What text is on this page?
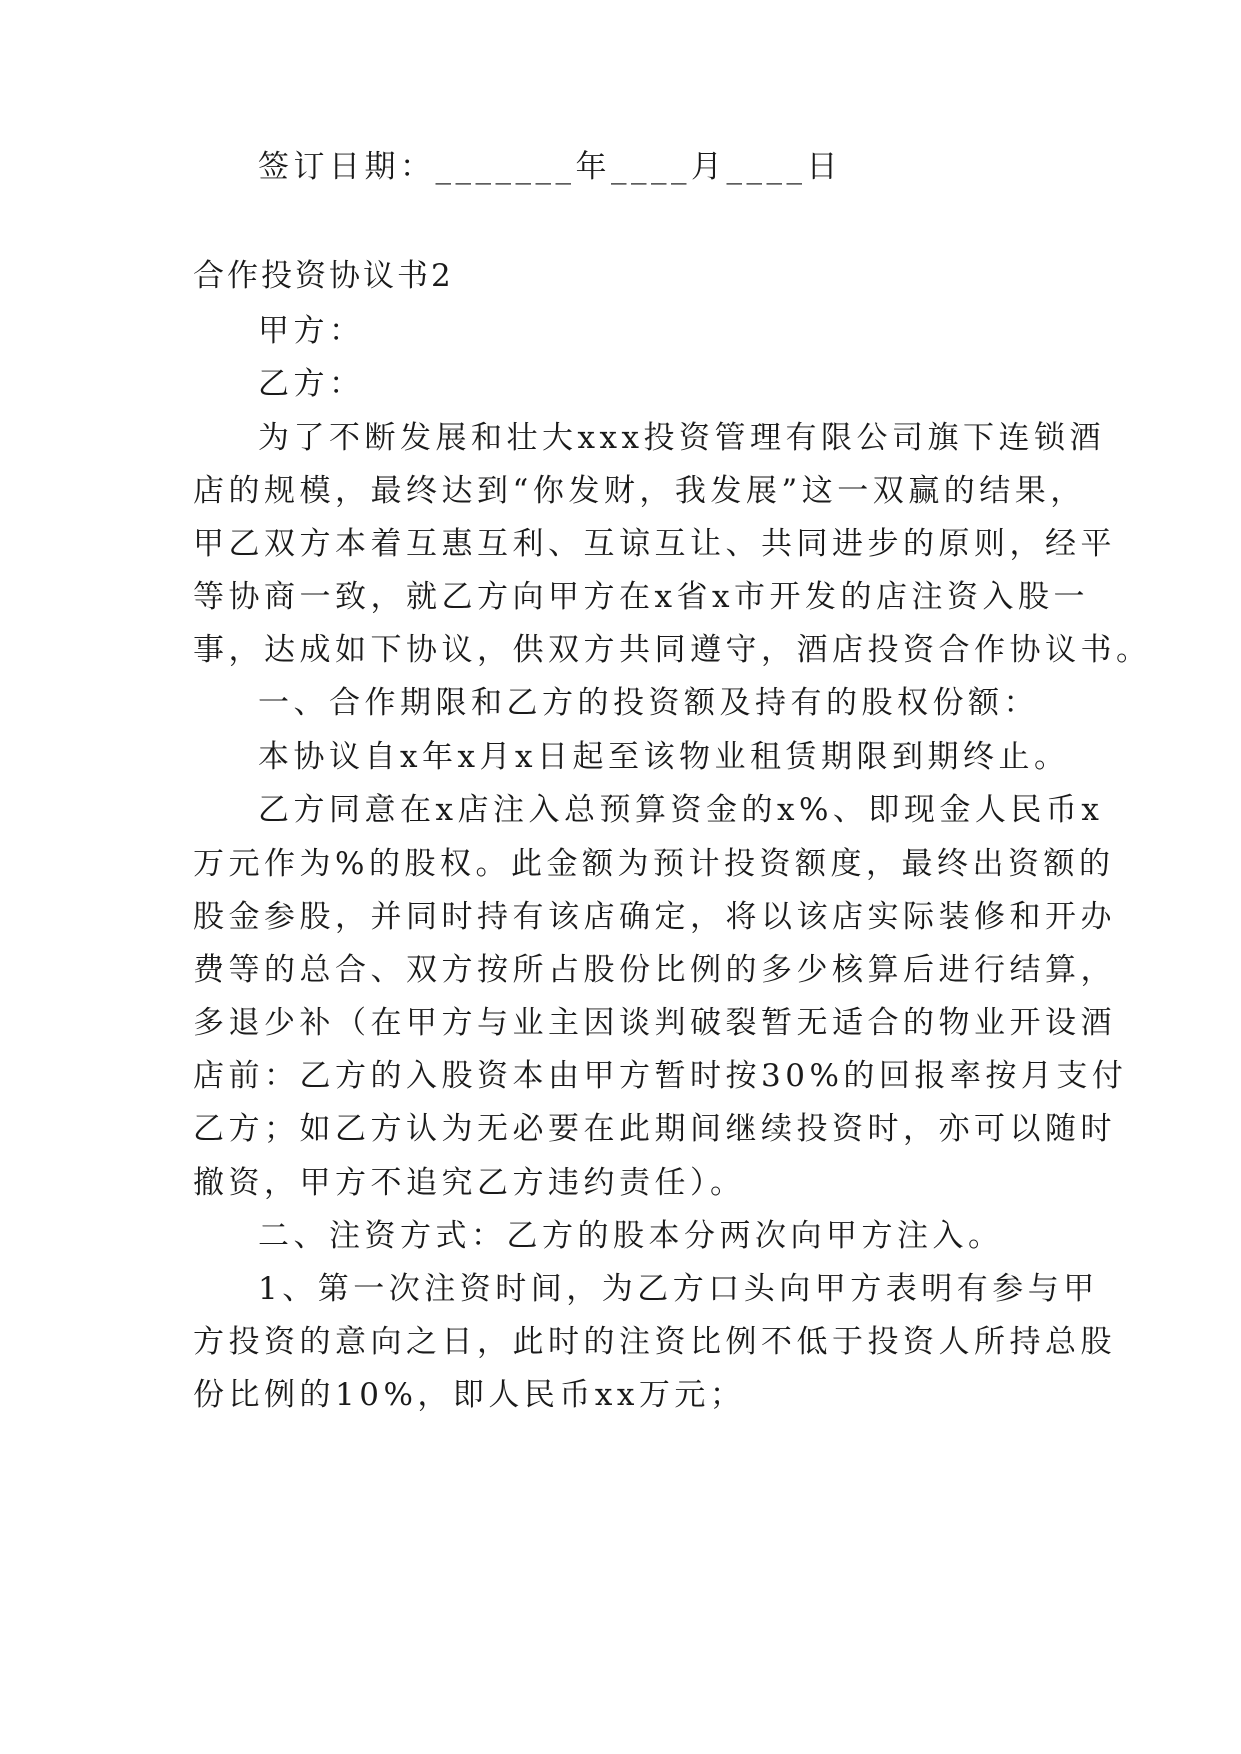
签订日期：_______年____月____日
合作投资协议书2
甲方：
乙方：
为了不断发展和壮大xxx投资管理有限公司旗下连锁酒
店的规模，最终达到“你发财，我发展”这一双赢的结果，
甲乙双方本着互惠互利、互谅互让、共同进步的原则，经平
等协商一致，就乙方向甲方在x省x市开发的店注资入股一
事，达成如下协议，供双方共同遵守，酒店投资合作协议书。
一、合作期限和乙方的投资额及持有的股权份额：
本协议自x年x月x日起至该物业租赁期限到期终止。
乙方同意在x店注入总预算资金的x%、即现金人民币x
万元作为%的股权。此金额为预计投资额度，最终出资额的
股金参股，并同时持有该店确定，将以该店实际装修和开办
费等的总合、双方按所占股份比例的多少核算后进行结算，
多退少补（在甲方与业主因谈判破裂暂无适合的物业开设酒
店前：乙方的入股资本由甲方暂时按30%的回报率按月支付
乙方；如乙方认为无必要在此期间继续投资时，亦可以随时
撤资，甲方不追究乙方违约责任）。
二、注资方式：乙方的股本分两次向甲方注入。
1、第一次注资时间，为乙方口头向甲方表明有参与甲
方投资的意向之日，此时的注资比例不低于投资人所持总股
份比例的10%，即人民币xx万元；
